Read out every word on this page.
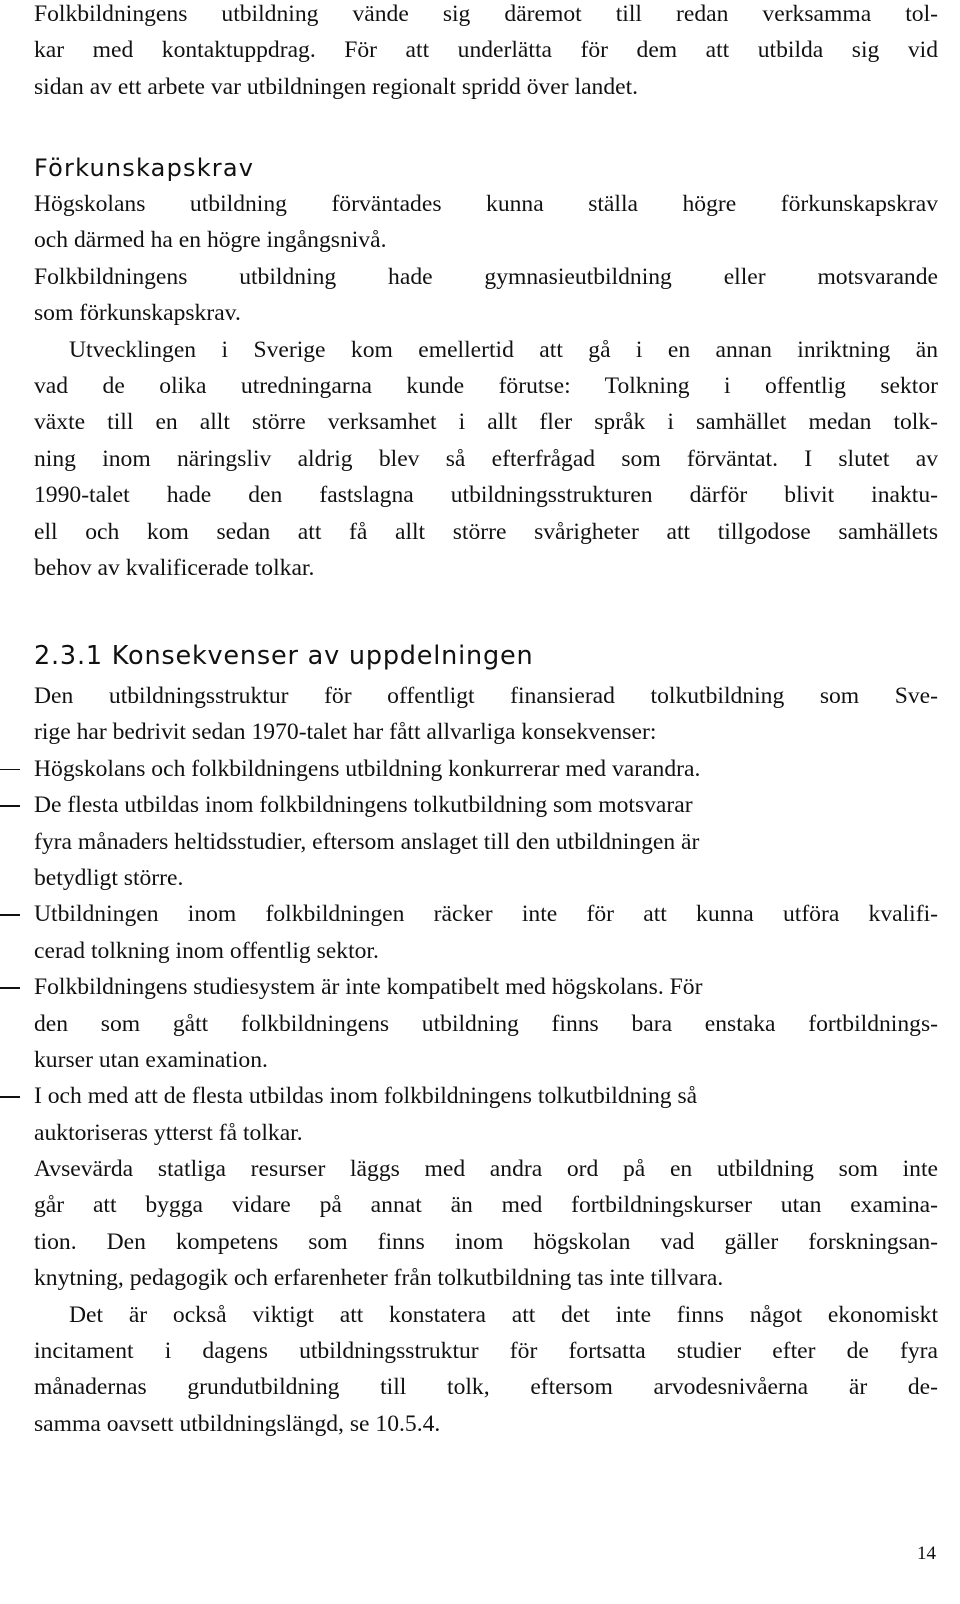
Folkbildningens utbildning vände sig däremot till redan verksamma tol-
kar med kontaktuppdrag. För att underlätta för dem att utbilda sig vid
sidan av ett arbete var utbildningen regionalt spridd över landet.
Förkunskapskrav
Högskolans utbildning förväntades kunna ställa högre förkunskapskrav
och därmed ha en högre ingångsnivå.
Folkbildningens utbildning hade gymnasieutbildning eller motsvarande
som förkunskapskrav.
Utvecklingen i Sverige kom emellertid att gå i en annan inriktning än
vad de olika utredningarna kunde förutse: Tolkning i offentlig sektor
växte till en allt större verksamhet i allt fler språk i samhället medan tolk-
ning inom näringsliv aldrig blev så efterfrågad som förväntat. I slutet av
1990-talet hade den fastslagna utbildningsstrukturen därför blivit inaktu-
ell och kom sedan att få allt större svårigheter att tillgodose samhällets
behov av kvalificerade tolkar.
2.3.1 Konsekvenser av uppdelningen
Den utbildningsstruktur för offentligt finansierad tolkutbildning som Sve-
rige har bedrivit sedan 1970-talet har fått allvarliga konsekvenser:
Högskolans och folkbildningens utbildning konkurrerar med varandra.
De flesta utbildas inom folkbildningens tolkutbildning som motsvarar
fyra månaders heltidsstudier, eftersom anslaget till den utbildningen är
betydligt större.
Utbildningen inom folkbildningen räcker inte för att kunna utföra kvalifi-
cerad tolkning inom offentlig sektor.
Folkbildningens studiesystem är inte kompatibelt med högskolans. För
den som gått folkbildningens utbildning finns bara enstaka fortbildnings-
kurser utan examination.
I och med att de flesta utbildas inom folkbildningens tolkutbildning så
auktoriseras ytterst få tolkar.
Avsevärda statliga resurser läggs med andra ord på en utbildning som inte
går att bygga vidare på annat än med fortbildningskurser utan examina-
tion. Den kompetens som finns inom högskolan vad gäller forskningsan-
knytning, pedagogik och erfarenheter från tolkutbildning tas inte tillvara.
Det är också viktigt att konstatera att det inte finns något ekonomiskt
incitament i dagens utbildningsstruktur för fortsatta studier efter de fyra
månadernas grundutbildning till tolk, eftersom arvodesnivåerna är de-
samma oavsett utbildningslängd, se 10.5.4.
14
